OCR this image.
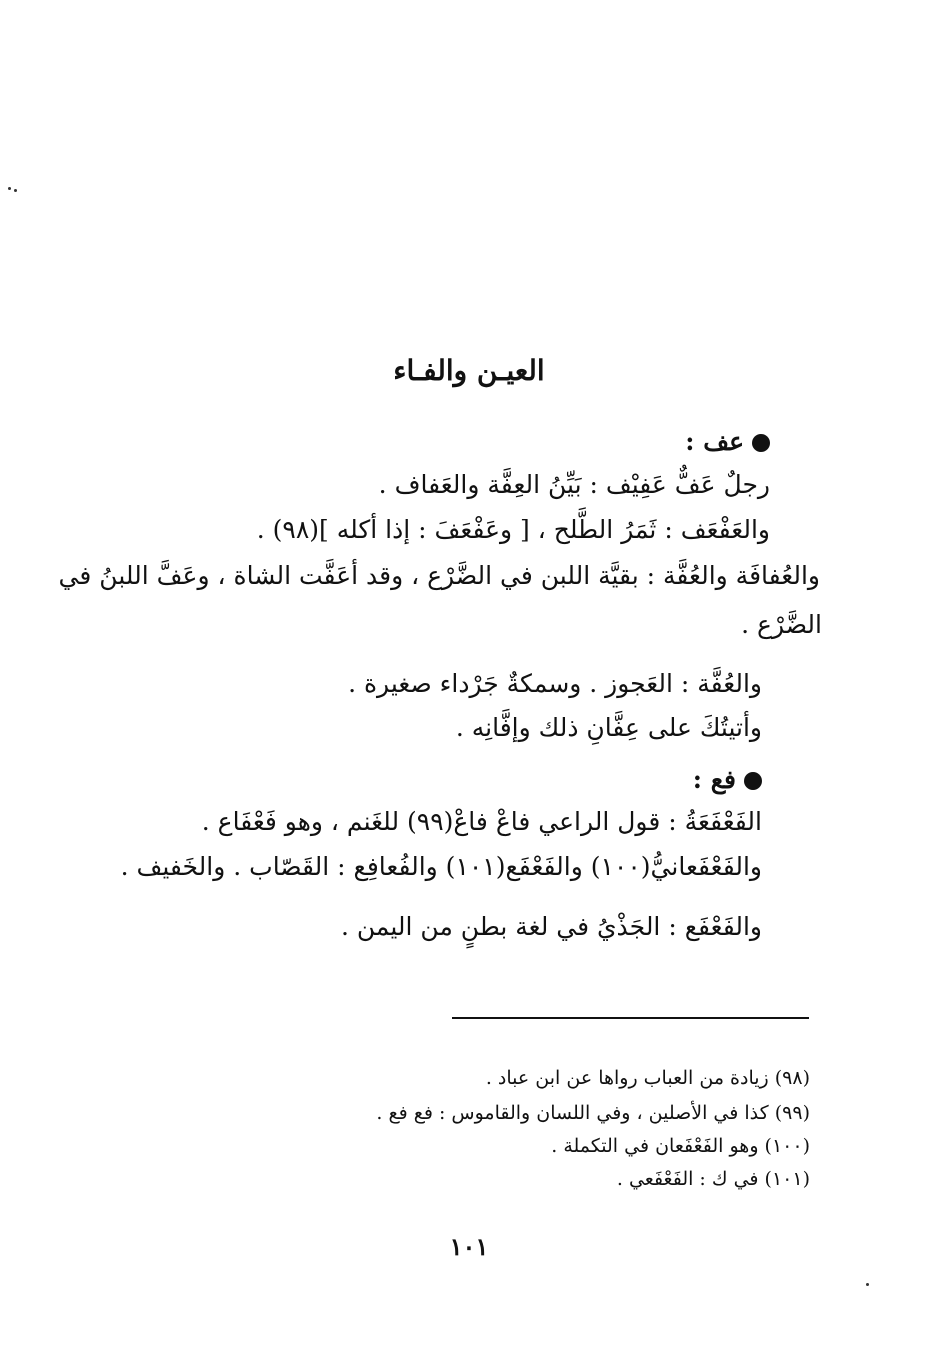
العيـن والفـاء
عف :
رجلٌ عَفٌّ عَفِيْف : بَيِّنُ العِفَّة والعَفاف .
والعَفْعَف : ثَمَرُ الطَّلح ، [ وعَفْعَفَ : إذا أكله ](٩٨) .
والعُفافَة والعُفَّة : بقيَّة اللبن في الضَّرْع ، وقد أعَفَّت الشاة ، وعَفَّ اللبنُ في
الضَّرْع .
والعُفَّة : العَجوز . وسمكةٌ جَرْداء صغيرة .
وأتيتُكَ على عِفَّانِ ذلك وإفَّانِه .
فع :
الفَعْفَعَةُ : قول الراعي فاعْ فاعْ(٩٩) للغَنم ، وهو فَعْفَاع .
والفَعْفَعانيُّ(١٠٠) والفَعْفَع(١٠١) والفُعافِع : القَصّاب . والخَفيف .
والفَعْفَع : الجَذْيُ في لغة بطنٍ من اليمن .
(٩٨) زيادة من العباب رواها عن ابن عباد .
(٩٩) كذا في الأصلين ، وفي اللسان والقاموس : فع فع .
(١٠٠) وهو الفَعْفَعان في التكملة .
(١٠١) في ك : الفَعْفَعي .
١٠١
